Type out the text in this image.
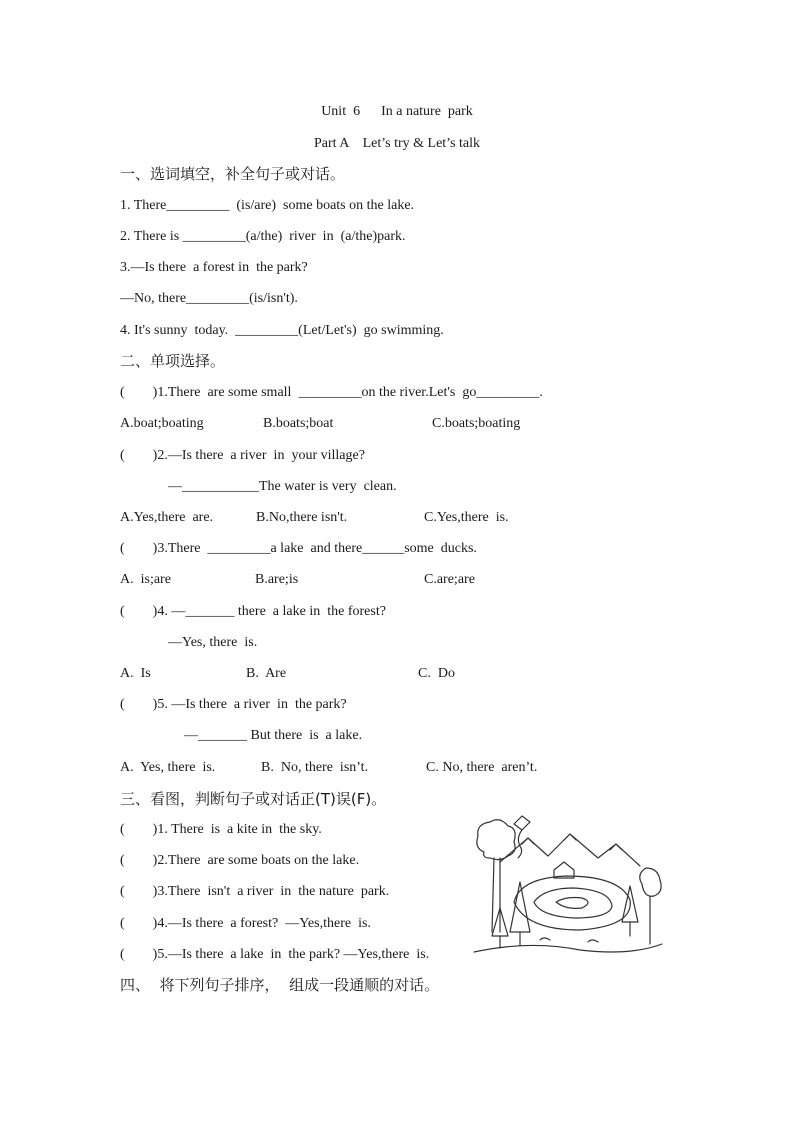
Unit  6      In a nature  park
Part A    Let’s try & Let’s talk
一、选词填空，补全句子或对话。
1. There_________  (is/are)  some boats on the lake.
2. There is _________(a/the)  river  in  (a/the)park.
3.—Is there  a forest in  the park?
—No, there_________(is/isn't).
4. It's sunny  today.  _________(Let/Let's)  go swimming.
二、单项选择。
(        )1.There  are some small  _________on the river.Let's  go_________.
A.boat;boating	B.boats;boat	C.boats;boating
(        )2.—Is there  a river  in  your village?
—___________The water is very  clean.
A.Yes,there  are.	B.No,there isn't.	C.Yes,there  is.
(        )3.There  _________a lake  and there______some  ducks.
A.  is;are	B.are;is	C.are;are
(        )4. —_______ there  a lake in  the forest?
—Yes, there  is.
A.  Is	B.  Are	C.  Do
(        )5. —Is there  a river  in  the park?
—_______ But there  is  a lake.
A.  Yes, there  is.	B.  No, there  isn’t.	C. No, there  aren’t.
三、看图，判断句子或对话正(T)误(F)。
(        )1. There  is  a kite in  the sky.
(        )2.There  are some boats on the lake.
(        )3.There  isn't  a river  in  the nature  park.
(        )4.—Is there  a forest?  —Yes,there  is.
(        )5.—Is there  a lake  in  the park? —Yes,there  is.
四、  将下列句子排序，  组成一段通顺的对话。
